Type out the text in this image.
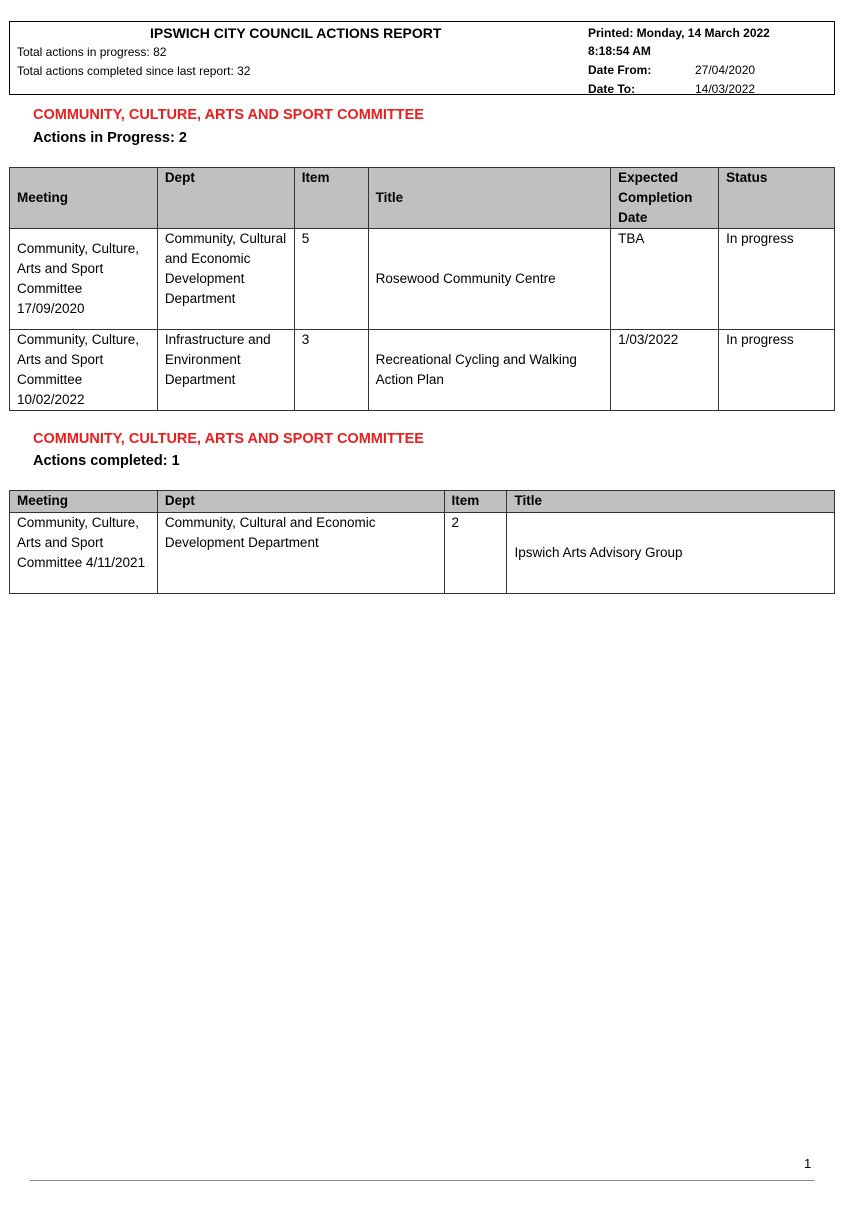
IPSWICH CITY COUNCIL ACTIONS REPORT
Total actions in progress: 82
Total actions completed since last report: 32
Printed: Monday, 14 March 2022
8:18:54 AM
Date From:	27/04/2020
Date To:	14/03/2022
COMMUNITY, CULTURE, ARTS AND SPORT COMMITTEE
Actions in Progress: 2
Meeting	Dept	Item	Title	Expected Completion Date	Status
Community, Culture, Arts and Sport Committee 17/09/2020	Community, Cultural and Economic Development Department	5	Rosewood Community Centre	TBA	In progress
Community, Culture, Arts and Sport Committee 10/02/2022	Infrastructure and Environment Department	3	Recreational Cycling and Walking Action Plan	1/03/2022	In progress
COMMUNITY, CULTURE, ARTS AND SPORT COMMITTEE
Actions completed: 1
Meeting	Dept	Item	Title
Community, Culture, Arts and Sport Committee 4/11/2021	Community, Cultural and Economic Development Department	2	Ipswich Arts Advisory Group
1
